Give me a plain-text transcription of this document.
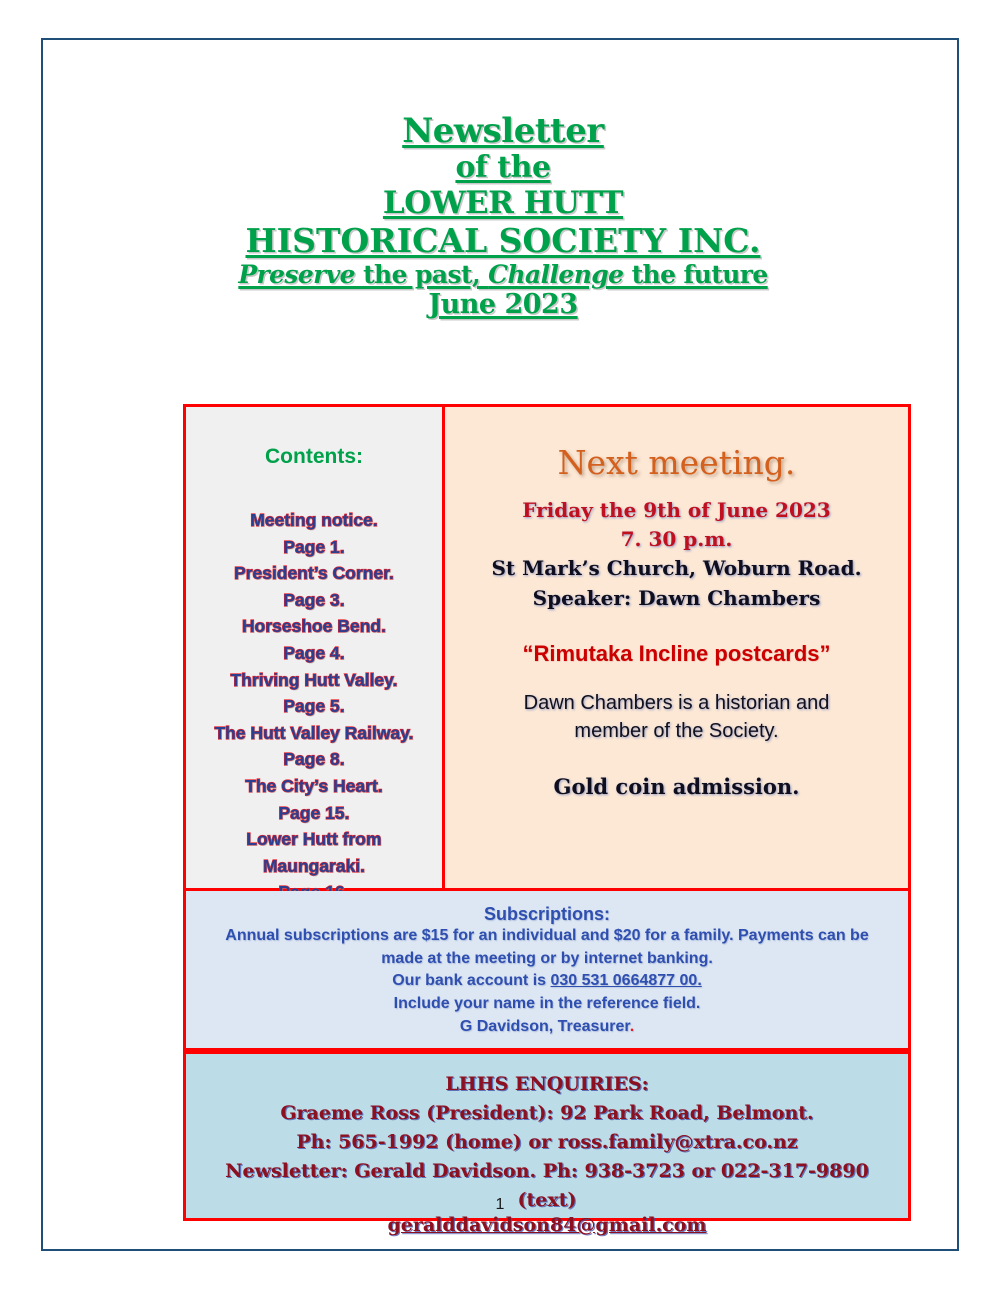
Newsletter
of the
LOWER HUTT
HISTORICAL SOCIETY INC.
Preserve the past, Challenge the future
June 2023
Contents:
Meeting notice.
Page 1.
President’s Corner.
Page 3.
Horseshoe Bend.
Page 4.
Thriving Hutt Valley.
Page 5.
The Hutt Valley Railway.
Page 8.
The City’s Heart.
Page 15.
Lower Hutt from
Maungaraki.
Next meeting.
Friday the 9th of June 2023
7. 30 p.m.
St Mark’s Church, Woburn Road.
Speaker: Dawn Chambers
“Rimutaka Incline postcards”
Dawn Chambers is a historian and
member of the Society.
Gold coin admission.
Subscriptions:
Annual subscriptions are $15 for an individual and $20 for a family. Payments can be
made at the meeting or by internet banking.
Our bank account is 030 531 0664877 00.
Include your name in the reference field.
G Davidson, Treasurer.
LHHS ENQUIRIES:
Graeme Ross (President): 92 Park Road, Belmont.
Ph: 565-1992 (home) or ross.family@xtra.co.nz
Newsletter: Gerald Davidson. Ph: 938-3723 or 022-317-9890 (text)
geralddavidson84@gmail.com
1
